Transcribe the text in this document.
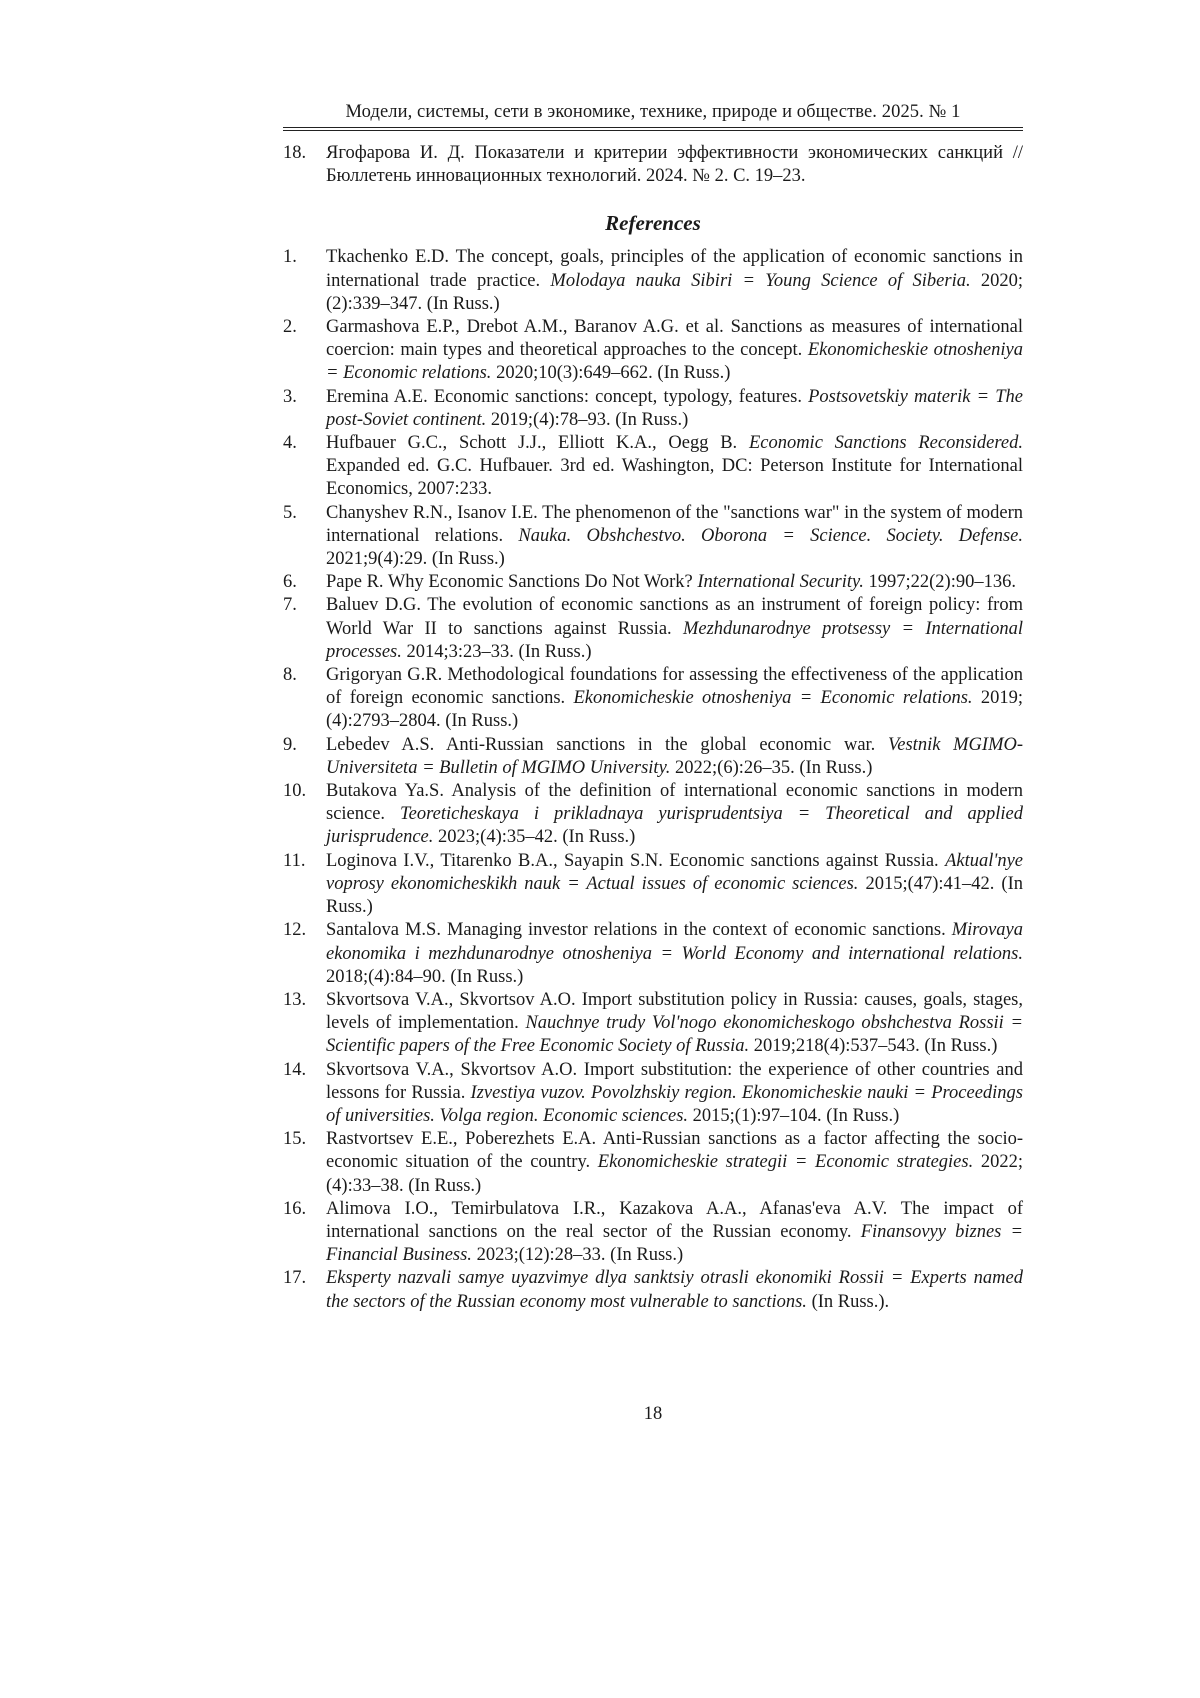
Модели, системы, сети в экономике, технике, природе и обществе. 2025. № 1
18.	Ягофарова И. Д. Показатели и критерии эффективности экономических санкций // Бюллетень инновационных технологий. 2024. № 2. С. 19–23.
References
1.	Tkachenko E.D. The concept, goals, principles of the application of economic sanctions in international trade practice. Molodaya nauka Sibiri = Young Science of Siberia. 2020;(2):339–347. (In Russ.)
2.	Garmashova E.P., Drebot A.M., Baranov A.G. et al. Sanctions as measures of international coercion: main types and theoretical approaches to the concept. Ekonomicheskie otnosheniya = Economic relations. 2020;10(3):649–662. (In Russ.)
3.	Eremina A.E. Economic sanctions: concept, typology, features. Postsovetskiy materik = The post-Soviet continent. 2019;(4):78–93. (In Russ.)
4.	Hufbauer G.C., Schott J.J., Elliott K.A., Oegg B. Economic Sanctions Reconsidered. Expanded ed. G.C. Hufbauer. 3rd ed. Washington, DC: Peterson Institute for International Economics, 2007:233.
5.	Chanyshev R.N., Isanov I.E. The phenomenon of the "sanctions war" in the system of modern international relations. Nauka. Obshchestvo. Oborona = Science. Society. Defense. 2021;9(4):29. (In Russ.)
6.	Pape R. Why Economic Sanctions Do Not Work? International Security. 1997;22(2):90–136.
7.	Baluev D.G. The evolution of economic sanctions as an instrument of foreign policy: from World War II to sanctions against Russia. Mezhdunarodnye protsessy = International processes. 2014;3:23–33. (In Russ.)
8.	Grigoryan G.R. Methodological foundations for assessing the effectiveness of the application of foreign economic sanctions. Ekonomicheskie otnosheniya = Economic relations. 2019;(4):2793–2804. (In Russ.)
9.	Lebedev A.S. Anti-Russian sanctions in the global economic war. Vestnik MGIMO-Universiteta = Bulletin of MGIMO University. 2022;(6):26–35. (In Russ.)
10.	Butakova Ya.S. Analysis of the definition of international economic sanctions in modern science. Teoreticheskaya i prikladnaya yurisprudentsiya = Theoretical and applied jurisprudence. 2023;(4):35–42. (In Russ.)
11.	Loginova I.V., Titarenko B.A., Sayapin S.N. Economic sanctions against Russia. Aktual'nye voprosy ekonomicheskikh nauk = Actual issues of economic sciences. 2015;(47):41–42. (In Russ.)
12.	Santalova M.S. Managing investor relations in the context of economic sanctions. Mirovaya ekonomika i mezhdunarodnye otnosheniya = World Economy and international relations. 2018;(4):84–90. (In Russ.)
13.	Skvortsova V.A., Skvortsov A.O. Import substitution policy in Russia: causes, goals, stages, levels of implementation. Nauchnye trudy Vol'nogo ekonomicheskogo obshchestva Rossii = Scientific papers of the Free Economic Society of Russia. 2019;218(4):537–543. (In Russ.)
14.	Skvortsova V.A., Skvortsov A.O. Import substitution: the experience of other countries and lessons for Russia. Izvestiya vuzov. Povolzhskiy region. Ekonomicheskie nauki = Proceedings of universities. Volga region. Economic sciences. 2015;(1):97–104. (In Russ.)
15.	Rastvortsev E.E., Poberezhets E.A. Anti-Russian sanctions as a factor affecting the socio-economic situation of the country. Ekonomicheskie strategii = Economic strategies. 2022;(4):33–38. (In Russ.)
16.	Alimova I.O., Temirbulatova I.R., Kazakova A.A., Afanas'eva A.V. The impact of international sanctions on the real sector of the Russian economy. Finansovyy biznes = Financial Business. 2023;(12):28–33. (In Russ.)
17.	Eksperty nazvali samye uyazvimye dlya sanktsiy otrasli ekonomiki Rossii = Experts named the sectors of the Russian economy most vulnerable to sanctions. (In Russ.).
18
